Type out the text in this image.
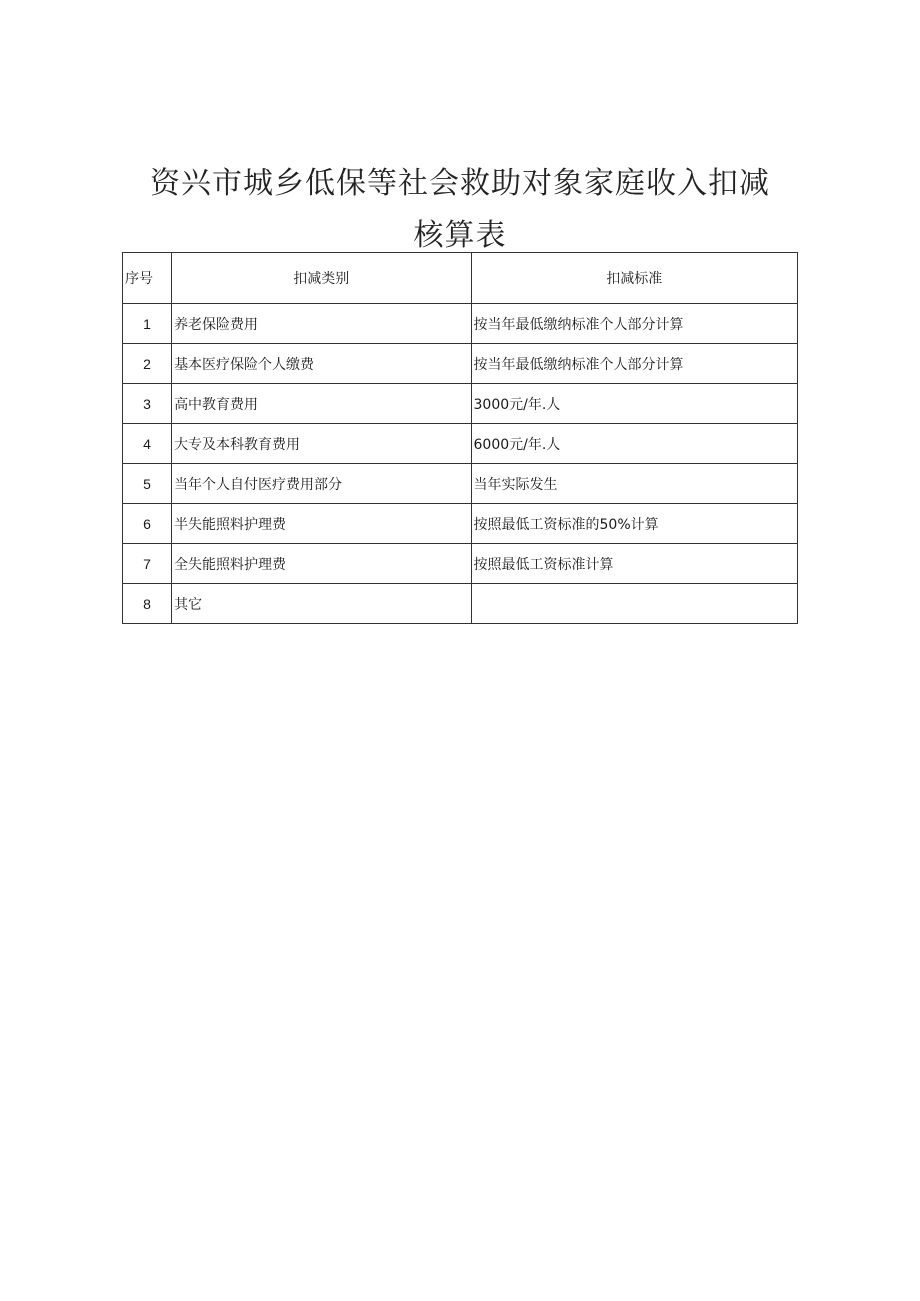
资兴市城乡低保等社会救助对象家庭收入扣减
核算表
序号	扣减类别	扣减标准
1	养老保险费用	按当年最低缴纳标准个人部分计算
2	基本医疗保险个人缴费	按当年最低缴纳标准个人部分计算
3	高中教育费用	3000元/年.人
4	大专及本科教育费用	6000元/年.人
5	当年个人自付医疗费用部分	当年实际发生
6	半失能照料护理费	按照最低工资标准的50%计算
7	全失能照料护理费	按照最低工资标准计算
8	其它	
